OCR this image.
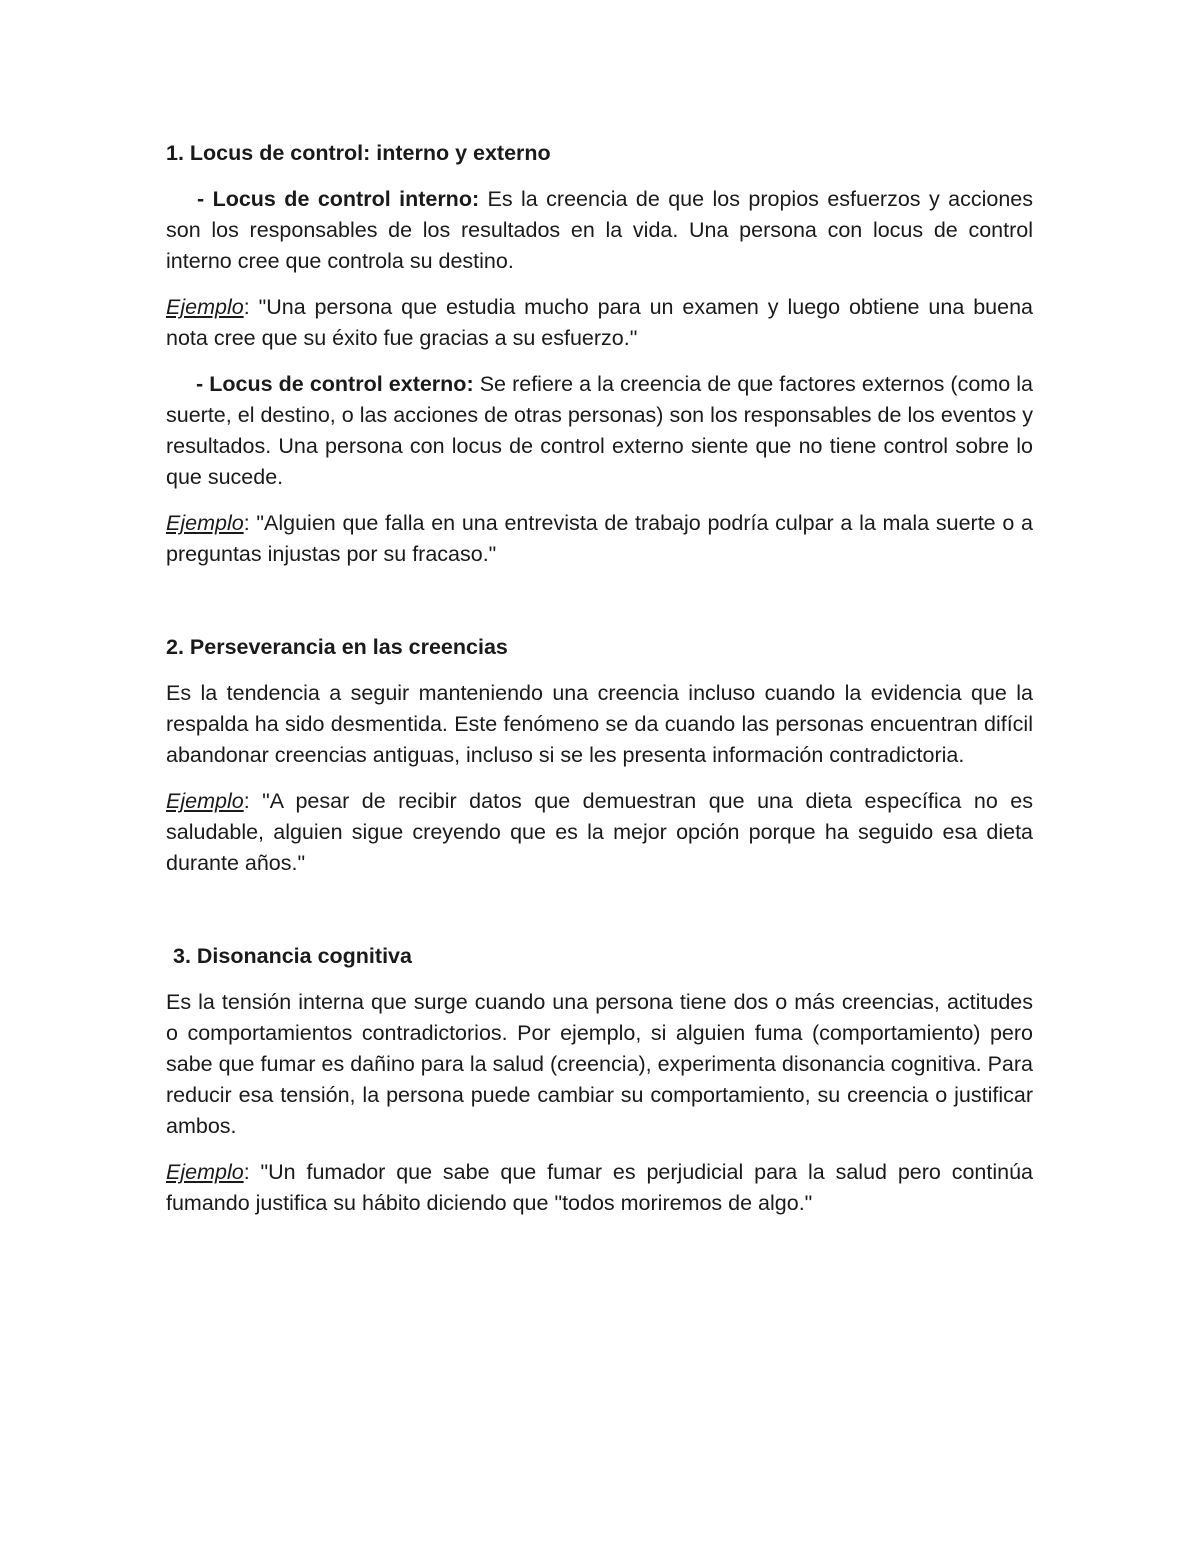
1. Locus de control: interno y externo

- Locus de control interno: Es la creencia de que los propios esfuerzos y acciones son los responsables de los resultados en la vida. Una persona con locus de control interno cree que controla su destino.

Ejemplo: "Una persona que estudia mucho para un examen y luego obtiene una buena nota cree que su éxito fue gracias a su esfuerzo."

- Locus de control externo: Se refiere a la creencia de que factores externos (como la suerte, el destino, o las acciones de otras personas) son los responsables de los eventos y resultados. Una persona con locus de control externo siente que no tiene control sobre lo que sucede.

Ejemplo: "Alguien que falla en una entrevista de trabajo podría culpar a la mala suerte o a preguntas injustas por su fracaso."

2. Perseverancia en las creencias

Es la tendencia a seguir manteniendo una creencia incluso cuando la evidencia que la respalda ha sido desmentida. Este fenómeno se da cuando las personas encuentran difícil abandonar creencias antiguas, incluso si se les presenta información contradictoria.

Ejemplo: "A pesar de recibir datos que demuestran que una dieta específica no es saludable, alguien sigue creyendo que es la mejor opción porque ha seguido esa dieta durante años."

3. Disonancia cognitiva

Es la tensión interna que surge cuando una persona tiene dos o más creencias, actitudes o comportamientos contradictorios. Por ejemplo, si alguien fuma (comportamiento) pero sabe que fumar es dañino para la salud (creencia), experimenta disonancia cognitiva. Para reducir esa tensión, la persona puede cambiar su comportamiento, su creencia o justificar ambos.

Ejemplo: "Un fumador que sabe que fumar es perjudicial para la salud pero continúa fumando justifica su hábito diciendo que "todos moriremos de algo."
